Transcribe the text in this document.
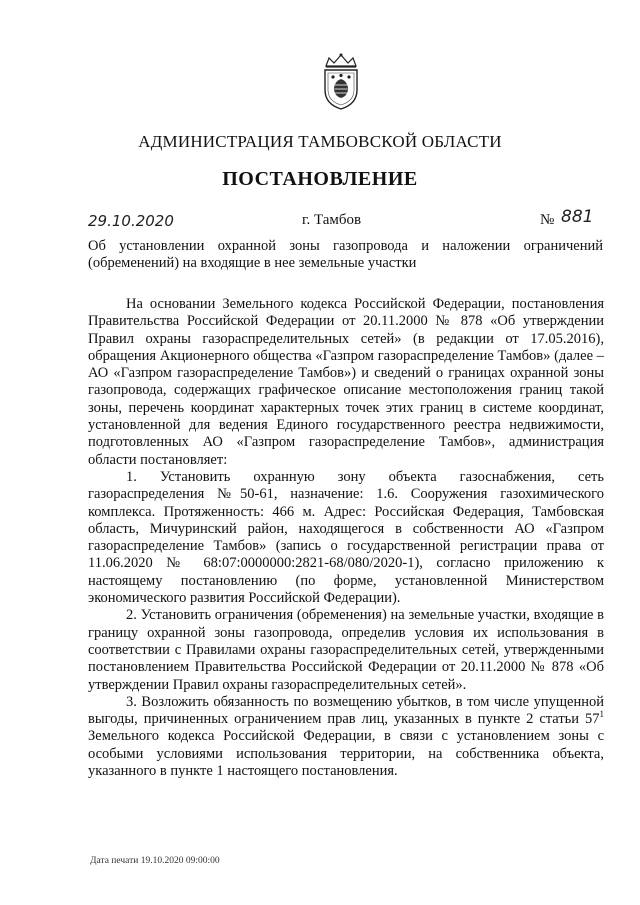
АДМИНИСТРАЦИЯ ТАМБОВСКОЙ ОБЛАСТИ
ПОСТАНОВЛЕНИЕ
29.10.2020	г. Тамбов	№ 881
Об установлении охранной зоны газопровода и наложении ограничений (обременений) на входящие в нее земельные участки

На основании Земельного кодекса Российской Федерации, постановления Правительства Российской Федерации от 20.11.2000 № 878 «Об утверждении Правил охраны газораспределительных сетей» (в редакции от 17.05.2016), обращения Акционерного общества «Газпром газораспределение Тамбов» (далее – АО «Газпром газораспределение Тамбов») и сведений о границах охранной зоны газопровода, содержащих графическое описание местоположения границ такой зоны, перечень координат характерных точек этих границ в системе координат, установленной для ведения Единого государственного реестра недвижимости, подготовленных АО «Газпром газораспределение Тамбов», администрация области постановляет:

1. Установить охранную зону объекта газоснабжения, сеть газораспределения №50-61, назначение: 1.6. Сооружения газохимического комплекса. Протяженность: 466 м. Адрес: Российская Федерация, Тамбовская область, Мичуринский район, находящегося в собственности АО «Газпром газораспределение Тамбов» (запись о государственной регистрации права от 11.06.2020 № 68:07:0000000:2821-68/080/2020-1), согласно приложению к настоящему постановлению (по форме, установленной Министерством экономического развития Российской Федерации).

2. Установить ограничения (обременения) на земельные участки, входящие в границу охранной зоны газопровода, определив условия их использования в соответствии с Правилами охраны газораспределительных сетей, утвержденными постановлением Правительства Российской Федерации от 20.11.2000 № 878 «Об утверждении Правил охраны газораспределительных сетей».

3. Возложить обязанность по возмещению убытков, в том числе упущенной выгоды, причиненных ограничением прав лиц, указанных в пункте 2 статьи $57^1$ Земельного кодекса Российской Федерации, в связи с установлением зоны с особыми условиями использования территории, на собственника объекта, указанного в пункте 1 настоящего постановления.

Дата печати 19.10.2020 09:00:00
